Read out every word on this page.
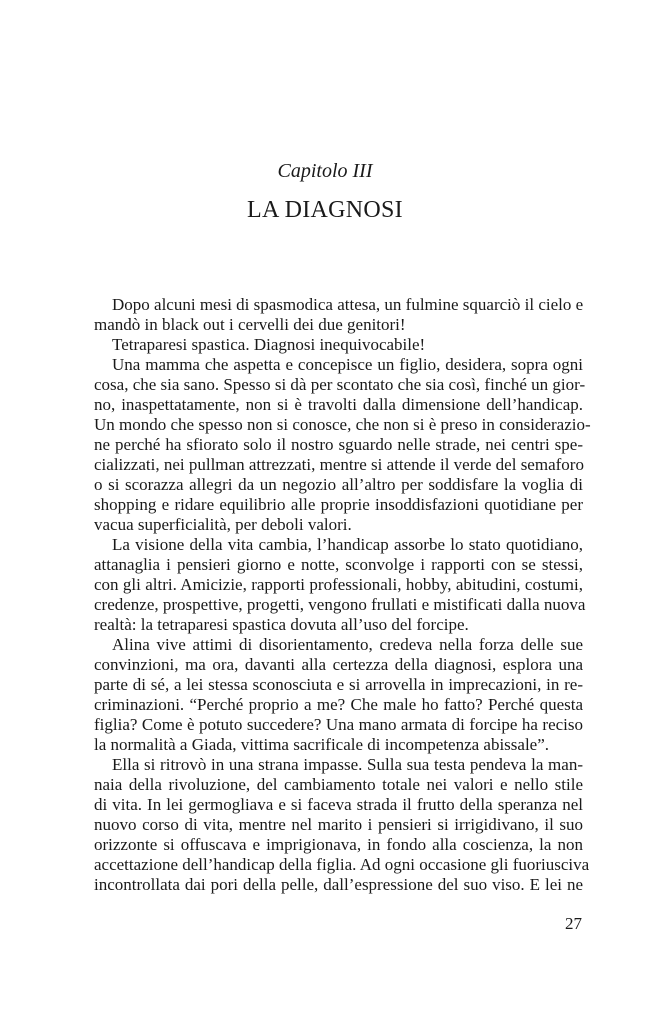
Capitolo III
LA DIAGNOSI
Dopo alcuni mesi di spasmodica attesa, un fulmine squarciò il cielo e
mandò in black out i cervelli dei due genitori!
Tetraparesi spastica. Diagnosi inequivocabile!
Una mamma che aspetta e concepisce un figlio, desidera, sopra ogni
cosa, che sia sano. Spesso si dà per scontato che sia così, finché un gior-
no, inaspettatamente, non si è travolti dalla dimensione dell’handicap.
Un mondo che spesso non si conosce, che non si è preso in considerazio-
ne perché ha sfiorato solo il nostro sguardo nelle strade, nei centri spe-
cializzati, nei pullman attrezzati, mentre si attende il verde del semaforo
o si scorazza allegri da un negozio all’altro per soddisfare la voglia di
shopping e ridare equilibrio alle proprie insoddisfazioni quotidiane per
vacua superficialità, per deboli valori.
La visione della vita cambia, l’handicap assorbe lo stato quotidiano,
attanaglia i pensieri giorno e notte, sconvolge i rapporti con se stessi,
con gli altri. Amicizie, rapporti professionali, hobby, abitudini, costumi,
credenze, prospettive, progetti, vengono frullati e mistificati dalla nuova
realtà: la tetraparesi spastica dovuta all’uso del forcipe.
Alina vive attimi di disorientamento, credeva nella forza delle sue
convinzioni, ma ora, davanti alla certezza della diagnosi, esplora una
parte di sé, a lei stessa sconosciuta e si arrovella in imprecazioni, in re-
criminazioni. “Perché proprio a me? Che male ho fatto? Perché questa
figlia? Come è potuto succedere? Una mano armata di forcipe ha reciso
la normalità a Giada, vittima sacrificale di incompetenza abissale”.
Ella si ritrovò in una strana impasse. Sulla sua testa pendeva la man-
naia della rivoluzione, del cambiamento totale nei valori e nello stile
di vita. In lei germogliava e si faceva strada il frutto della speranza nel
nuovo corso di vita, mentre nel marito i pensieri si irrigidivano, il suo
orizzonte si offuscava e imprigionava, in fondo alla coscienza, la non
accettazione dell’handicap della figlia. Ad ogni occasione gli fuoriusciva
incontrollata dai pori della pelle, dall’espressione del suo viso. E lei ne
27
